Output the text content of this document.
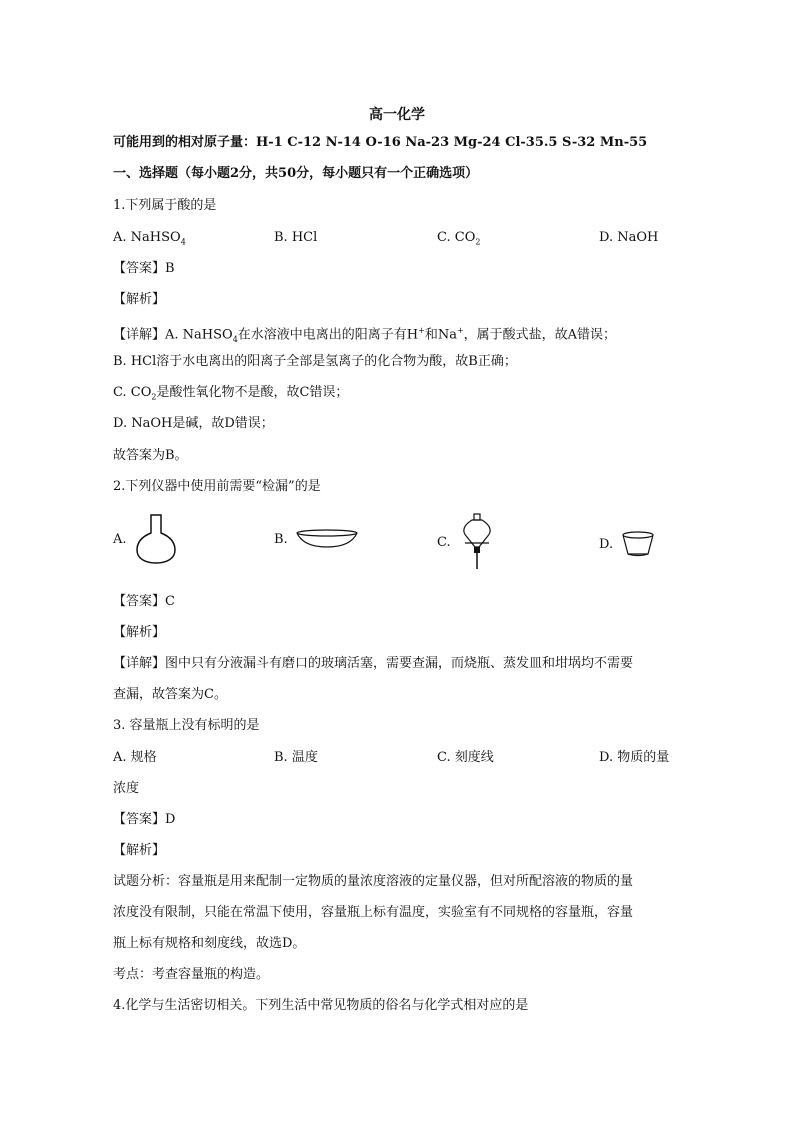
高一化学
可能用到的相对原子量：H-1 C-12 N-14 O-16 Na-23 Mg-24 Cl-35.5 S-32 Mn-55
一、选择题（每小题2分，共50分，每小题只有一个正确选项）
1.下列属于酸的是
A. NaHSO$_4$	B. HCl	C. $CO_2$	D. NaOH
【答案】B
【解析】
【详解】A. NaHSO$_4$在水溶液中电离出的阳离子有H+和Na+，属于酸式盐，故A错误；
B. HCl溶于水电离出的阳离子全部是氢离子的化合物为酸，故B正确；
C. $CO_2$是酸性氧化物不是酸，故C错误；
D. NaOH是碱，故D错误；
故答案为B。
2.下列仪器中使用前需要“检漏”的是
A.	B.	C.	D.
【答案】C
【解析】
【详解】图中只有分液漏斗有磨口的玻璃活塞，需要查漏，而烧瓶、蒸发皿和坩埚均不需要
查漏，故答案为C。
3. 容量瓶上没有标明的是
A. 规格	B. 温度	C. 刻度线	D. 物质的量
浓度
【答案】D
【解析】
试题分析：容量瓶是用来配制一定物质的量浓度溶液的定量仪器，但对所配溶液的物质的量
浓度没有限制，只能在常温下使用，容量瓶上标有温度，实验室有不同规格的容量瓶，容量
瓶上标有规格和刻度线，故选D。
考点：考查容量瓶的构造。
4.化学与生活密切相关。下列生活中常见物质的俗名与化学式相对应的是
